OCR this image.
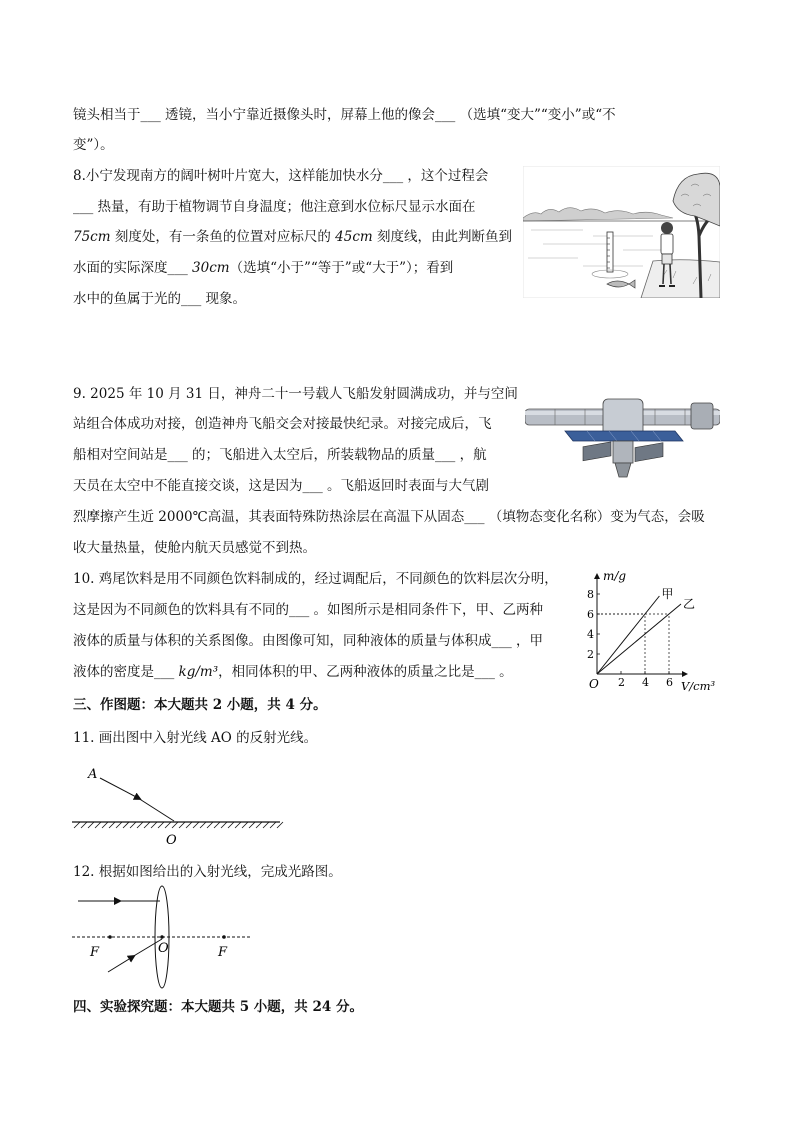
镜头相当于___ 透镜，当小宁靠近摄像头时，屏幕上他的像会___ （选填“变大”“变小”或“不
变”）。
8.小宁发现南方的阔叶树叶片宽大，这样能加快水分___ ，这个过程会
___ 热量，有助于植物调节自身温度；他注意到水位标尺显示水面在
75cm 刻度处，有一条鱼的位置对应标尺的 45cm 刻度线，由此判断鱼到
水面的实际深度___ 30cm（选填“小于”“等于”或“大于”）；看到
水中的鱼属于光的___ 现象。
9. 2025 年 10 月 31 日，神舟二十一号载人飞船发射圆满成功，并与空间
站组合体成功对接，创造神舟飞船交会对接最快纪录。对接完成后，飞
船相对空间站是___ 的；飞船进入太空后，所装载物品的质量___ ，航
天员在太空中不能直接交谈，这是因为___ 。飞船返回时表面与大气剧
烈摩擦产生近 2000℃高温，其表面特殊防热涂层在高温下从固态___ （填物态变化名称）变为气态，会吸
收大量热量，使舱内航天员感觉不到热。
10. 鸡尾饮料是用不同颜色饮料制成的，经过调配后，不同颜色的饮料层次分明，
这是因为不同颜色的饮料具有不同的___ 。如图所示是相同条件下，甲、乙两种
液体的质量与体积的关系图像。由图像可知，同种液体的质量与体积成___ ，甲
液体的密度是___ kg/m³，相同体积的甲、乙两种液体的质量之比是___ 。
m/g
V/cm³
O 2 4 6
2
4
6
8	甲
乙
三、作图题：本大题共 2 小题，共 4 分。
11. 画出图中入射光线 AO 的反射光线。
A
O
12. 根据如图给出的入射光线，完成光路图。
F	O	F
四、实验探究题：本大题共 5 小题，共 24 分。
